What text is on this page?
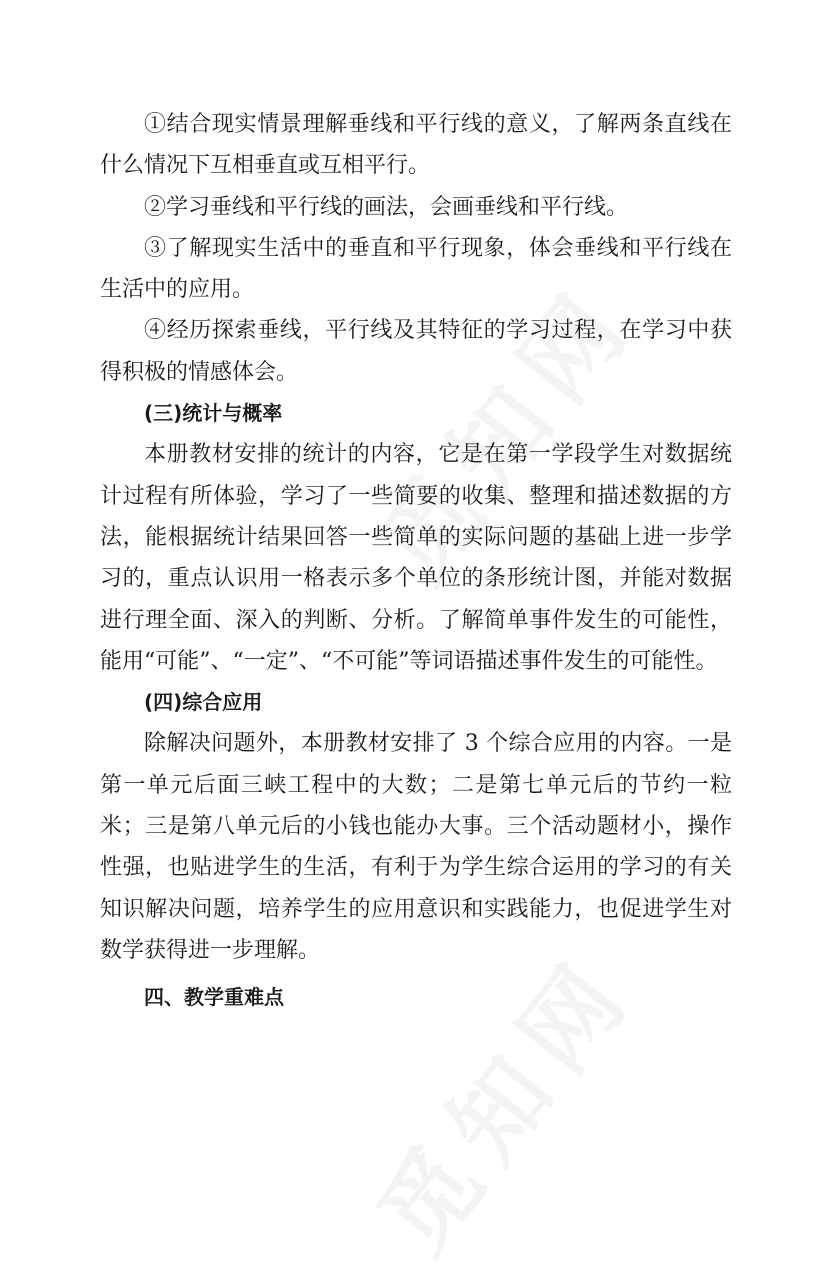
①结合现实情景理解垂线和平行线的意义，了解两条直线在什么情况下互相垂直或互相平行。

②学习垂线和平行线的画法，会画垂线和平行线。

③了解现实生活中的垂直和平行现象，体会垂线和平行线在生活中的应用。

④经历探索垂线，平行线及其特征的学习过程，在学习中获得积极的情感体会。

(三)统计与概率

本册教材安排的统计的内容，它是在第一学段学生对数据统计过程有所体验，学习了一些简要的收集、整理和描述数据的方法，能根据统计结果回答一些简单的实际问题的基础上进一步学习的，重点认识用一格表示多个单位的条形统计图，并能对数据进行理全面、深入的判断、分析。了解简单事件发生的可能性，能用“可能”、“一定”、“不可能”等词语描述事件发生的可能性。

(四)综合应用

除解决问题外，本册教材安排了 3 个综合应用的内容。一是第一单元后面三峡工程中的大数；二是第七单元后的节约一粒米；三是第八单元后的小钱也能办大事。三个活动题材小，操作性强，也贴进学生的生活，有利于为学生综合运用的学习的有关知识解决问题，培养学生的应用意识和实践能力，也促进学生对数学获得进一步理解。

四、教学重难点
